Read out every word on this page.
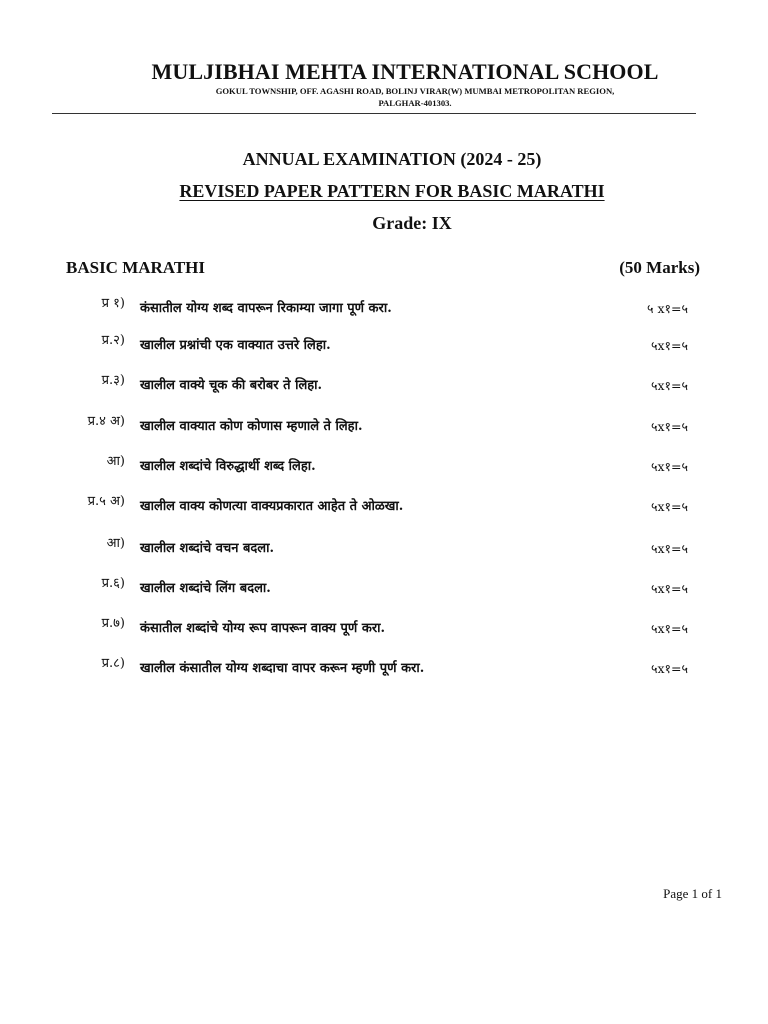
MULJIBHAI MEHTA INTERNATIONAL SCHOOL
GOKUL TOWNSHIP, OFF. AGASHI ROAD, BOLINJ VIRAR(W) MUMBAI METROPOLITAN REGION,
PALGHAR-401303.
ANNUAL EXAMINATION (2024 - 25)
REVISED PAPER PATTERN FOR BASIC MARATHI
Grade: IX
BASIC MARATHI	(50 Marks)
प्र १) कंसातील योग्य शब्द वापरून रिकाम्या जागा पूर्ण करा.	५ x१=५
प्र.२) खालील प्रश्नांची एक वाक्यात उत्तरे लिहा.	५x१=५
प्र.३) खालील वाक्ये चूक की बरोबर ते लिहा.	५x१=५
प्र.४ अ) खालील वाक्यात कोण कोणास म्हणाले ते लिहा.	५x१=५
आ) खालील शब्दांचे विरुद्धार्थी शब्द लिहा.	५x१=५
प्र.५ अ) खालील वाक्य कोणत्या वाक्यप्रकारात आहेत ते ओळखा.	५x१=५
आ) खालील शब्दांचे वचन बदला.	५x१=५
प्र.६) खालील शब्दांचे लिंग बदला.	५x१=५
प्र.७) कंसातील शब्दांचे योग्य रूप वापरून वाक्य पूर्ण करा.	५x१=५
प्र.८) खालील कंसातील योग्य शब्दाचा वापर करून म्हणी पूर्ण करा.	५x१=५
Page 1 of 1
